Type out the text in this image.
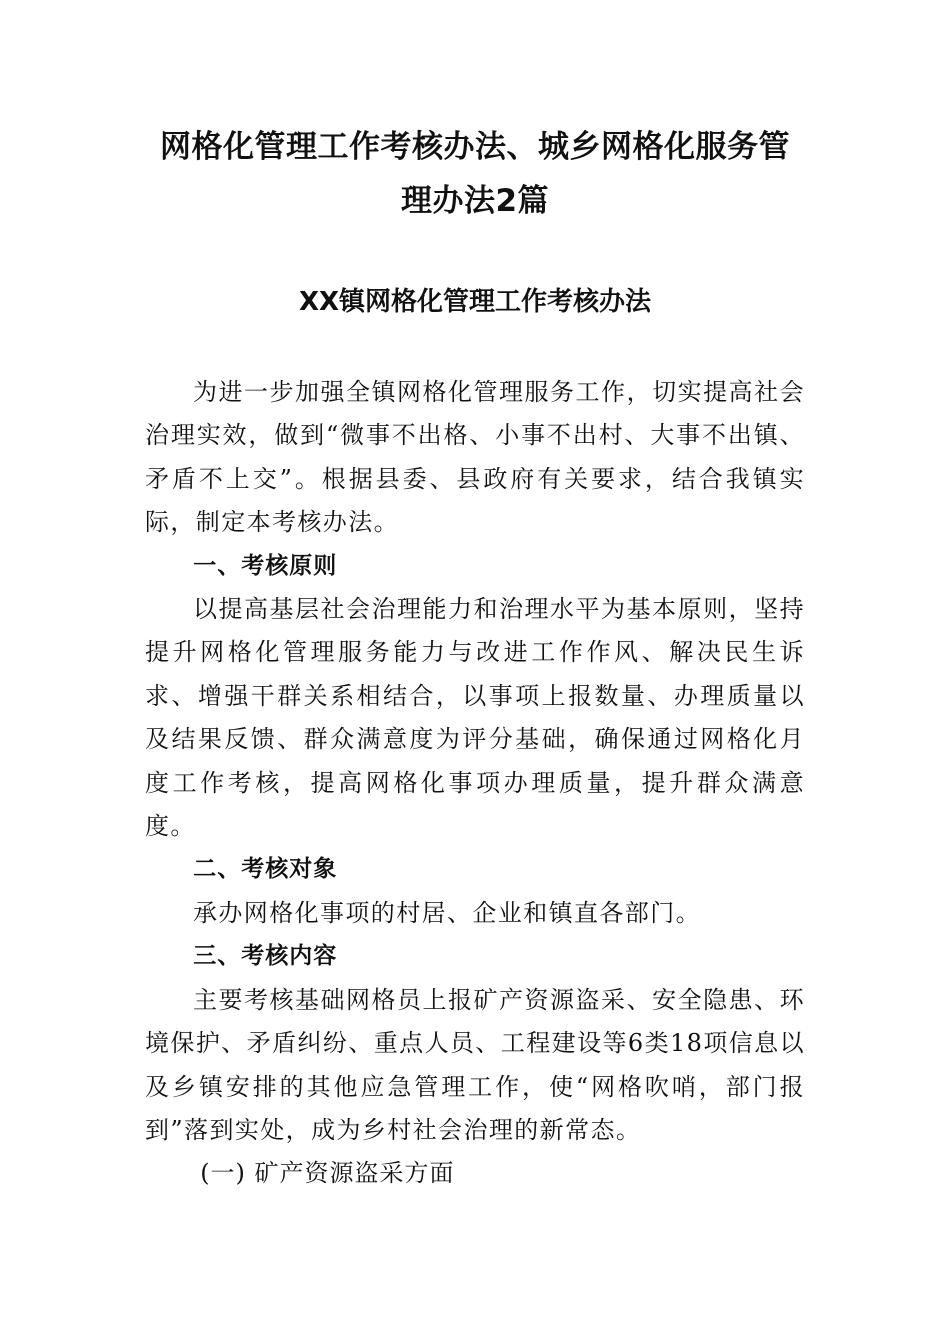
网格化管理工作考核办法、城乡网格化服务管
理办法2篇
XX镇网格化管理工作考核办法

为进一步加强全镇网格化管理服务工作，切实提高社会治理实效，做到“微事不出格、小事不出村、大事不出镇、矛盾不上交”。根据县委、县政府有关要求，结合我镇实际，制定本考核办法。

一、考核原则

以提高基层社会治理能力和治理水平为基本原则，坚持提升网格化管理服务能力与改进工作作风、解决民生诉求、增强干群关系相结合，以事项上报数量、办理质量以及结果反馈、群众满意度为评分基础，确保通过网格化月度工作考核，提高网格化事项办理质量，提升群众满意度。

二、考核对象

承办网格化事项的村居、企业和镇直各部门。

三、考核内容

主要考核基础网格员上报矿产资源盗采、安全隐患、环境保护、矛盾纠纷、重点人员、工程建设等6类18项信息以及乡镇安排的其他应急管理工作，使“网格吹哨，部门报到”落到实处，成为乡村社会治理的新常态。

(一) 矿产资源盗采方面
